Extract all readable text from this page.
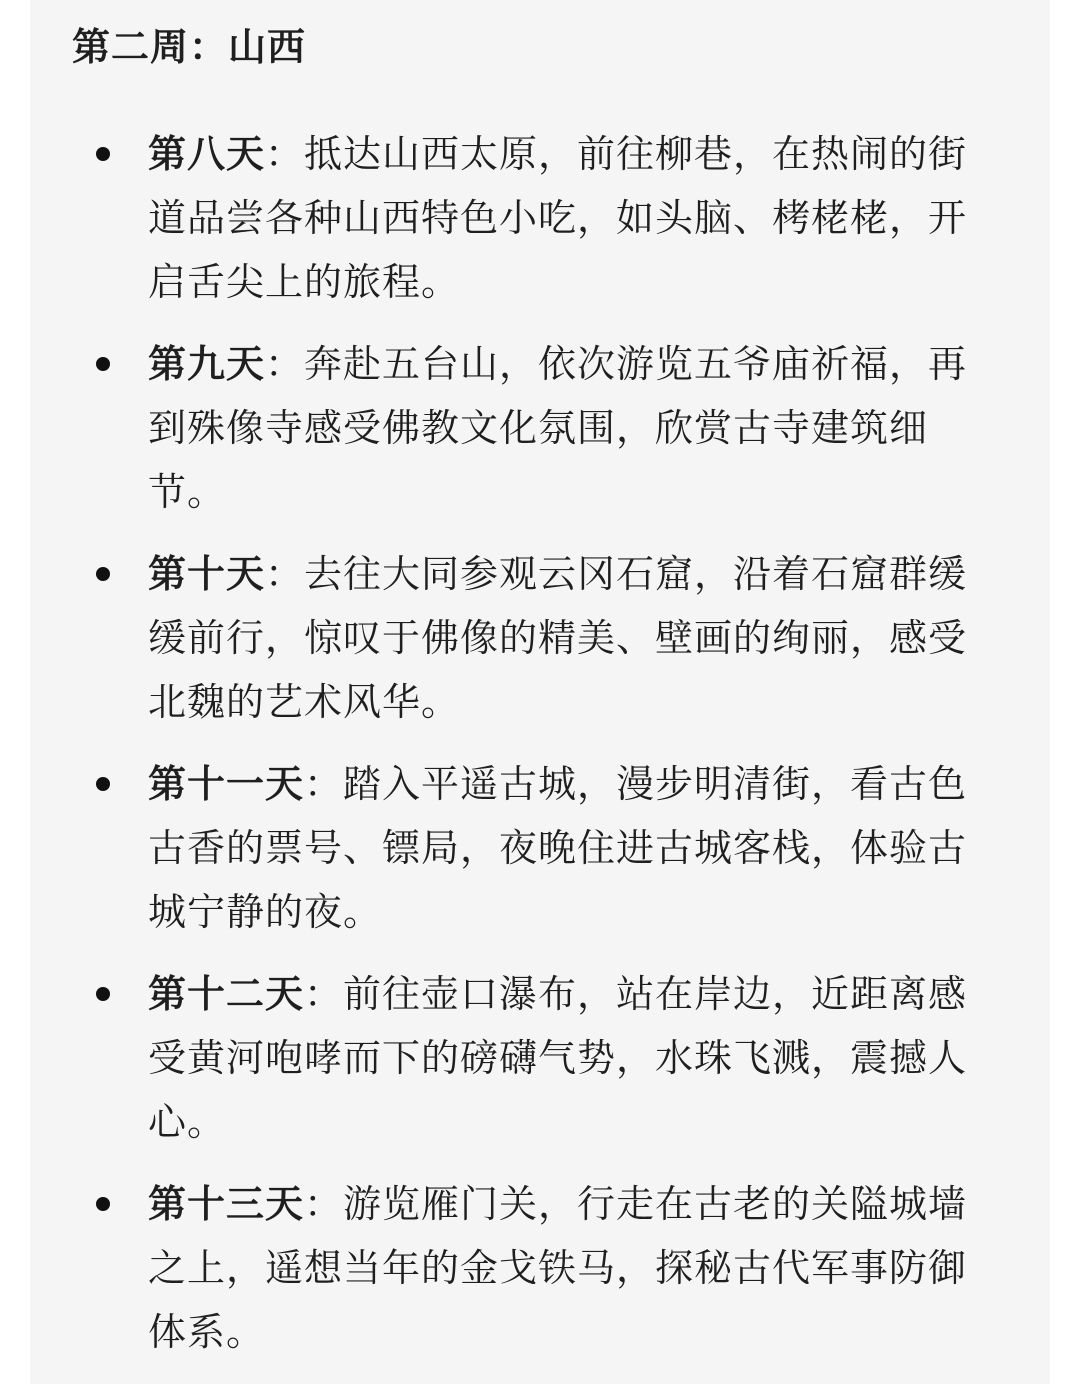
第二周：山西
第八天：抵达山西太原，前往柳巷，在热闹的街道品尝各种山西特色小吃，如头脑、栲栳栳，开启舌尖上的旅程。
第九天：奔赴五台山，依次游览五爷庙祈福，再到殊像寺感受佛教文化氛围，欣赏古寺建筑细节。
第十天：去往大同参观云冈石窟，沿着石窟群缓缓前行，惊叹于佛像的精美、壁画的绚丽，感受北魏的艺术风华。
第十一天：踏入平遥古城，漫步明清街，看古色古香的票号、镖局，夜晚住进古城客栈，体验古城宁静的夜。
第十二天：前往壶口瀑布，站在岸边，近距离感受黄河咆哮而下的磅礴气势，水珠飞溅，震撼人心。
第十三天：游览雁门关，行走在古老的关隘城墙之上，遥想当年的金戈铁马，探秘古代军事防御体系。
